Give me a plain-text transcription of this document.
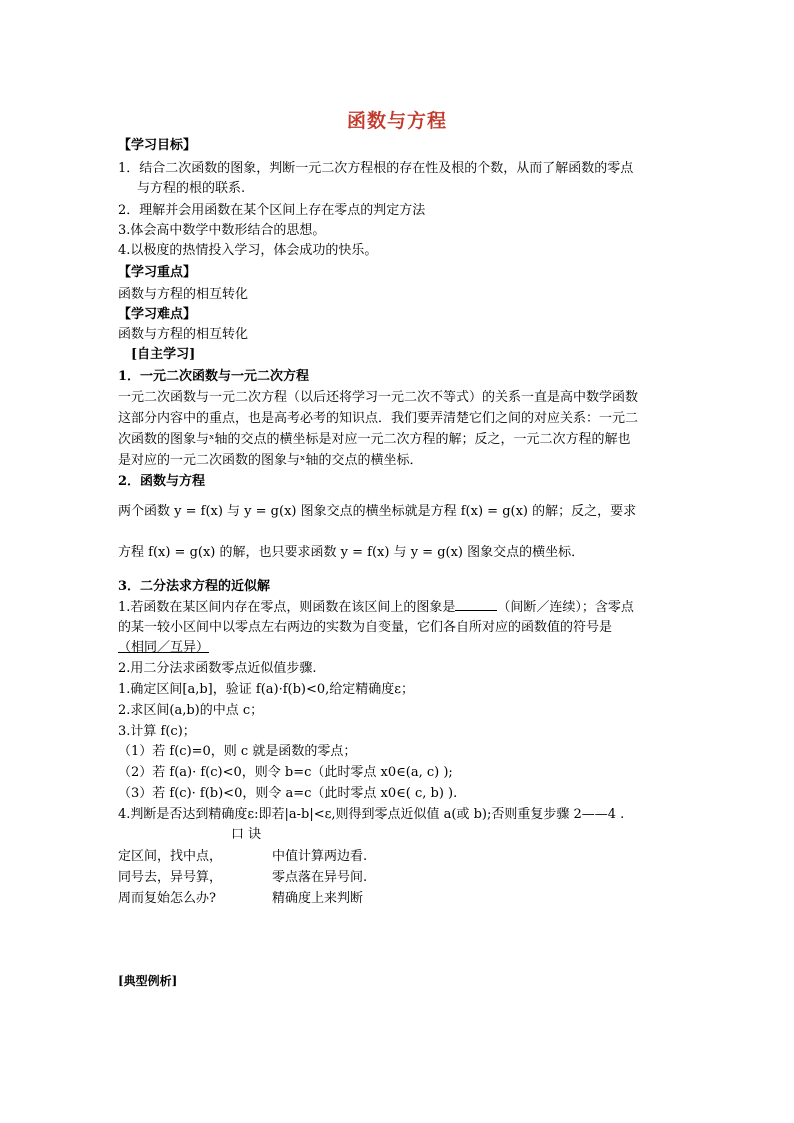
函数与方程
【学习目标】
1．结合二次函数的图象，判断一元二次方程根的存在性及根的个数，从而了解函数的零点
与方程的根的联系.
2．理解并会用函数在某个区间上存在零点的判定方法
3.体会高中数学中数形结合的思想。
4.以极度的热情投入学习，体会成功的快乐。
【学习重点】
函数与方程的相互转化
【学习难点】
函数与方程的相互转化
[自主学习]
1．一元二次函数与一元二次方程
一元二次函数与一元二次方程（以后还将学习一元二次不等式）的关系一直是高中数学函数
这部分内容中的重点，也是高考必考的知识点．我们要弄清楚它们之间的对应关系：一元二
次函数的图象与ˣ轴的交点的横坐标是对应一元二次方程的解；反之，一元二次方程的解也
是对应的一元二次函数的图象与ˣ轴的交点的横坐标．
2．函数与方程
两个函数 y = f(x) 与 y = g(x) 图象交点的横坐标就是方程 f(x) = g(x) 的解；反之，要求
方程 f(x) = g(x) 的解，也只要求函数 y = f(x) 与 y = g(x) 图象交点的横坐标．
3．二分法求方程的近似解
1.若函数在某区间内存在零点，则函数在该区间上的图象是	（间断／连续）；含零点
的某一较小区间中以零点左右两边的实数为自变量，它们各自所对应的函数值的符号是
（相同／互异）
2.用二分法求函数零点近似值步骤.
1.确定区间[a,b]，验证 f(a)·f(b)<0,给定精确度ε；
2.求区间(a,b)的中点 c；
3.计算 f(c)；
（1）若 f(c)=0，则 c 就是函数的零点；
（2）若 f(a)· f(c)<0，则令 b=c（此时零点 x0∈(a, c) );
（3）若 f(c)· f(b)<0，则令 a=c（此时零点 x0∈( c, b) ).
4.判断是否达到精确度ε:即若|a-b|<ε,则得到零点近似值 a(或 b);否则重复步骤 2——4 .
口 诀
定区间，找中点，	中值计算两边看.
同号去，异号算，	零点落在异号间.
周而复始怎么办?	精确度上来判断
[典型例析]
